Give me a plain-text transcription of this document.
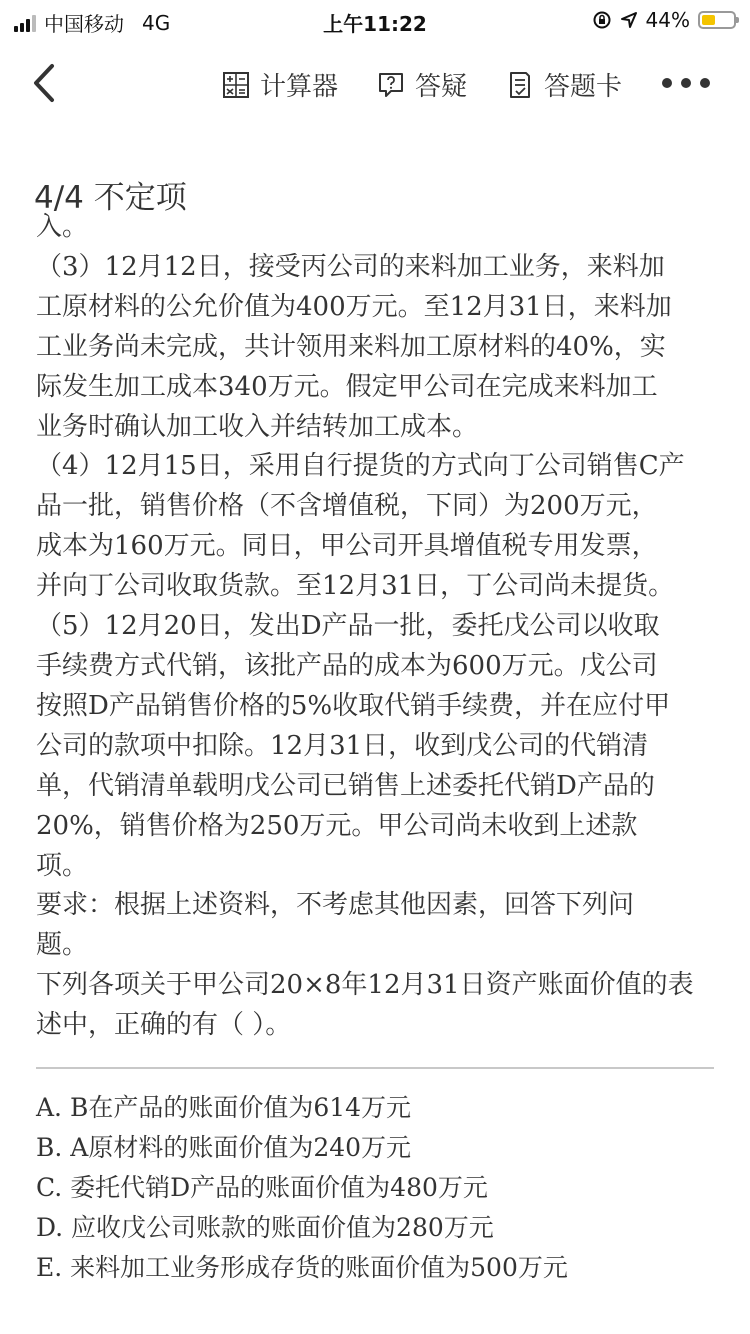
中国移动 4G	上午11:22	44%
计算器	答疑	答题卡
4/4 不定项

入。

（3）12月12日，接受丙公司的来料加工业务，来料加

工原材料的公允价值为400万元。至12月31日，来料加

工业务尚未完成，共计领用来料加工原材料的40%，实

际发生加工成本340万元。假定甲公司在完成来料加工

业务时确认加工收入并结转加工成本。

（4）12月15日，采用自行提货的方式向丁公司销售C产

品一批，销售价格（不含增值税，下同）为200万元，

成本为160万元。同日，甲公司开具增值税专用发票，

并向丁公司收取货款。至12月31日，丁公司尚未提货。

（5）12月20日，发出D产品一批，委托戊公司以收取

手续费方式代销，该批产品的成本为600万元。戊公司

按照D产品销售价格的5%收取代销手续费，并在应付甲

公司的款项中扣除。12月31日，收到戊公司的代销清

单，代销清单载明戊公司已销售上述委托代销D产品的

20%，销售价格为250万元。甲公司尚未收到上述款

项。

要求：根据上述资料，不考虑其他因素，回答下列问

题。

下列各项关于甲公司20×8年12月31日资产账面价值的表

述中，正确的有（ ）。

A. B在产品的账面价值为614万元
B. A原材料的账面价值为240万元
C. 委托代销D产品的账面价值为480万元
D. 应收戊公司账款的账面价值为280万元
E. 来料加工业务形成存货的账面价值为500万元
